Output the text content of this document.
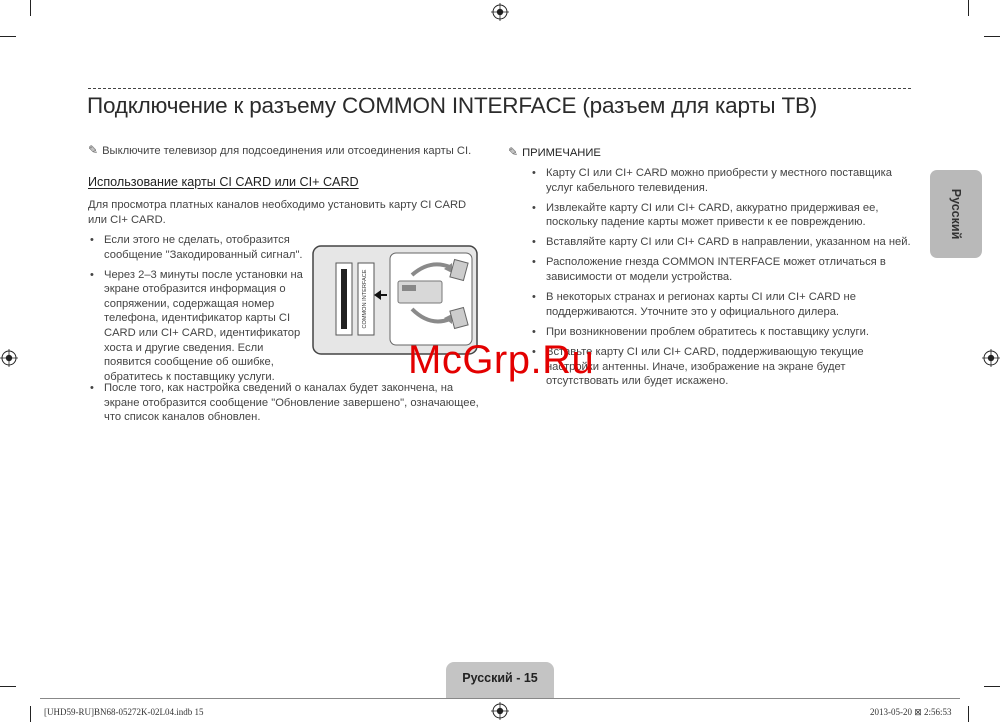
Подключение к разъему COMMON INTERFACE (разъем для карты ТВ)
✎ Выключите телевизор для подсоединения или отсоединения карты CI.
Использование карты CI CARD или CI+ CARD
Для просмотра платных каналов необходимо установить карту CI CARD или CI+ CARD.
• Если этого не сделать, отобразится сообщение "Закодированный сигнал".
• Через 2–3 минуты после установки на экране отобразится информация о сопряжении, содержащая номер телефона, идентификатор карты CI CARD или CI+ CARD, идентификатор хоста и другие сведения. Если появится сообщение об ошибке, обратитесь к поставщику услуги.
• После того, как настройка сведений о каналах будет закончена, на экране отобразится сообщение "Обновление завершено", означающее, что список каналов обновлен.
COMMON INTERFACE
✎ ПРИМЕЧАНИЕ
• Карту CI или CI+ CARD можно приобрести у местного поставщика услуг кабельного телевидения.
• Извлекайте карту CI или CI+ CARD, аккуратно придерживая ее, поскольку падение карты может привести к ее повреждению.
• Вставляйте карту CI или CI+ CARD в направлении, указанном на ней.
• Расположение гнезда COMMON INTERFACE может отличаться в зависимости от модели устройства.
• В некоторых странах и регионах карты CI или CI+ CARD не поддерживаются. Уточните это у официального дилера.
• При возникновении проблем обратитесь к поставщику услуги.
• Вставьте карту CI или CI+ CARD, поддерживающую текущие настройки антенны. Иначе, изображение на экране будет отсутствовать или будет искажено.
Русский
McGrp.Ru
Русский - 15
[UHD59-RU]BN68-05272K-02L04.indb 15	2013-05-20 ⊠ 2:56:53
